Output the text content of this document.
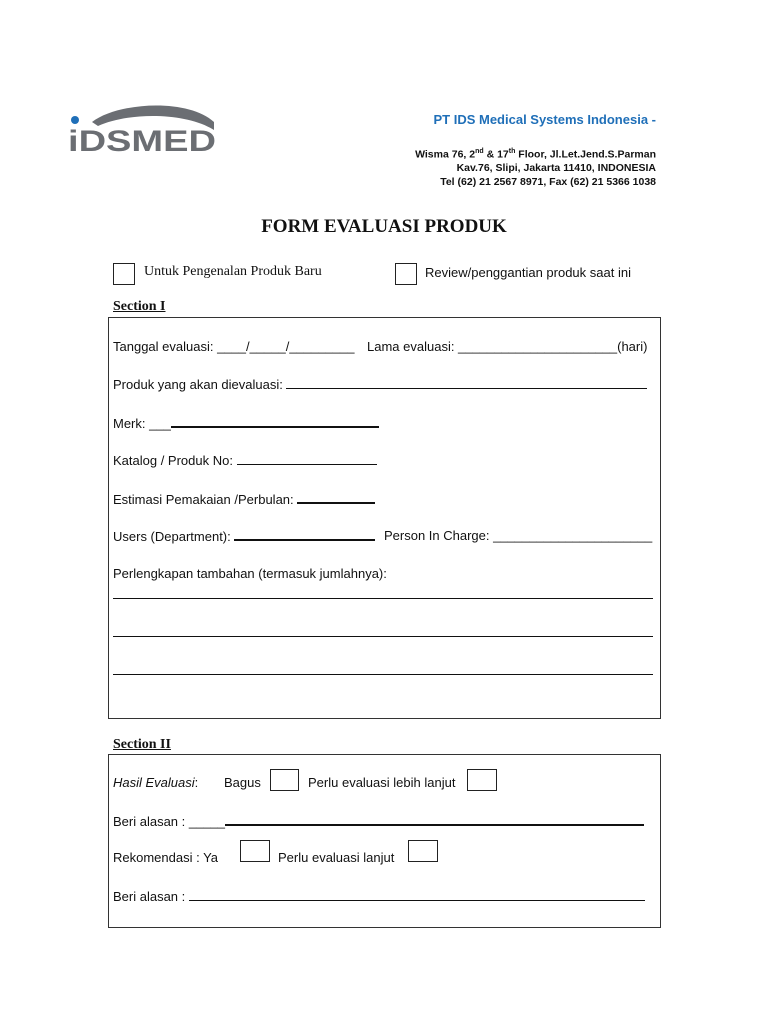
iDSMED
PT IDS Medical Systems Indonesia -
Wisma 76, 2nd & 17th Floor, Jl.Let.Jend.S.Parman
Kav.76, Slipi, Jakarta 11410, INDONESIA
Tel (62) 21 2567 8971, Fax (62) 21 5366 1038
FORM EVALUASI PRODUK
Untuk Pengenalan Produk Baru	Review/penggantian produk saat ini
Section I
Tanggal evaluasi: ____/_____/_________ Lama evaluasi: ______________________(hari)
Produk yang akan dievaluasi:
Merk: ___
Katalog / Produk No:
Estimasi Pemakaian /Perbulan:
Users (Department):	Person In Charge: ______________________
Perlengkapan tambahan (termasuk jumlahnya):
Section II
Hasil Evaluasi: Bagus	Perlu evaluasi lebih lanjut
Beri alasan : _____
Rekomendasi : Ya	Perlu evaluasi lanjut
Beri alasan :
